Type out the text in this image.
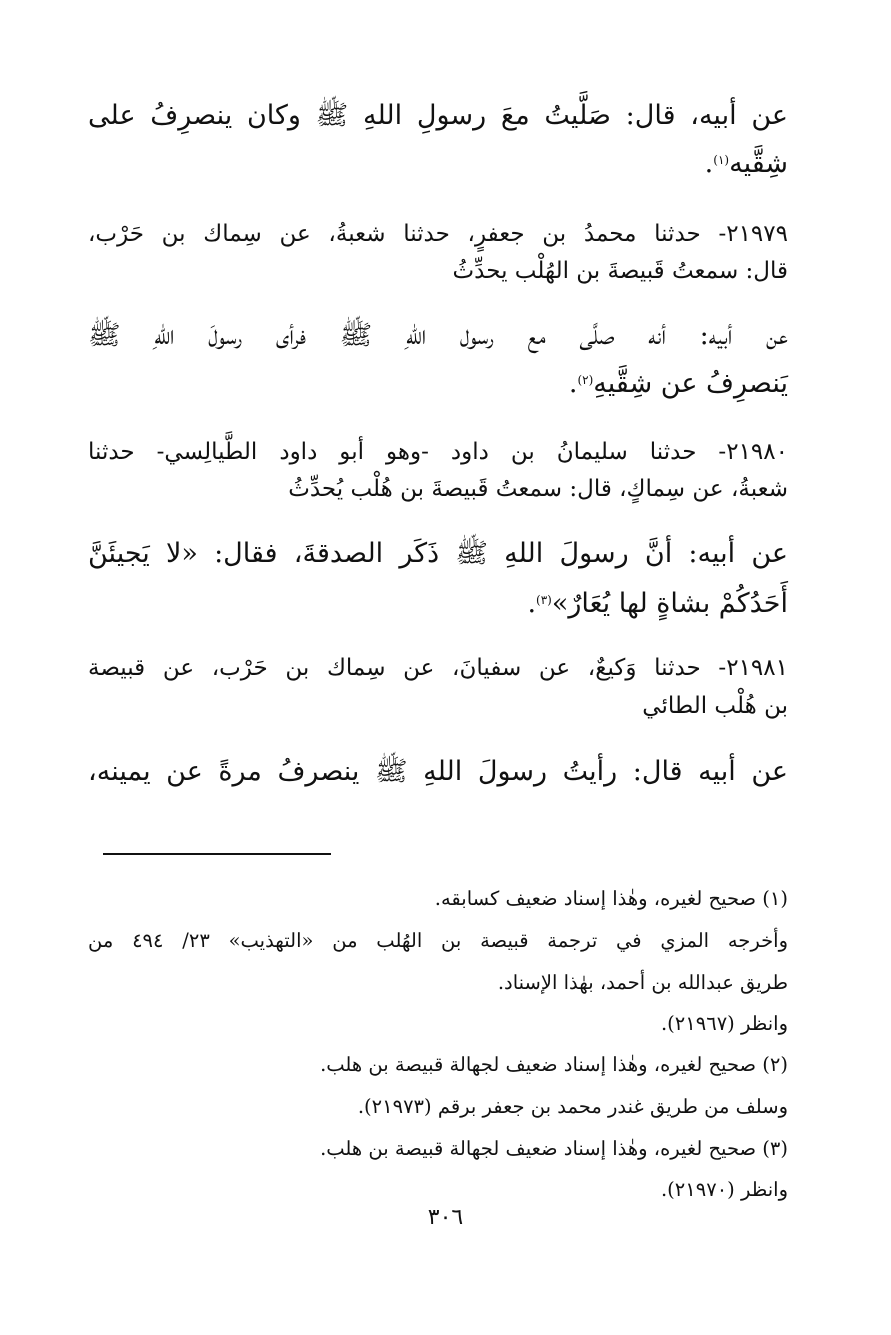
عن أبيه، قال: صَلَّيتُ معَ رسولِ اللهِ ﷺ وكان ينصرِفُ على
شِقَّيه$^{(١)}$.
٢١٩٧٩- حدثنا محمدُ بن جعفرٍ، حدثنا شعبةُ، عن سِماك بن حَرْب،
قال: سمعتُ قَبيصةَ بن الهُلْب يحدِّثُ
عن أبيه: أنه صلَّى مع رسول اللهِ ﷺ فرأى رسولَ اللهِ ﷺ
يَنصرِفُ عن شِقَّيهِ$^{(٢)}$.
٢١٩٨٠- حدثنا سليمانُ بن داود -وهو أبو داود الطَّيالِسي- حدثنا
شعبةُ، عن سِماكٍ، قال: سمعتُ قَبيصةَ بن هُلْب يُحدِّثُ
عن أبيه: أنَّ رسولَ اللهِ ﷺ ذَكَر الصدقةَ، فقال: «لا يَجيئَنَّ
أَحَدُكُمْ بشاةٍ لها يُعَارٌ»$^{(٣)}$.
٢١٩٨١- حدثنا وَكيعٌ، عن سفيانَ، عن سِماك بن حَرْب، عن قبيصة
بن هُلْب الطائي
عن أبيه قال: رأيتُ رسولَ اللهِ ﷺ ينصرفُ مرةً عن يمينه،
(١) صحيح لغيره، وهٰذا إسناد ضعيف كسابقه.
وأخرجه المزي في ترجمة قبيصة بن الهُلب من «التهذيب» ٢٣/ ٤٩٤ من
طريق عبدالله بن أحمد، بهٰذا الإسناد.
وانظر (٢١٩٦٧).
(٢) صحيح لغيره، وهٰذا إسناد ضعيف لجهالة قبيصة بن هلب.
وسلف من طريق غندر محمد بن جعفر برقم (٢١٩٧٣).
(٣) صحيح لغيره، وهٰذا إسناد ضعيف لجهالة قبيصة بن هلب.
وانظر (٢١٩٧٠).
٣٠٦
